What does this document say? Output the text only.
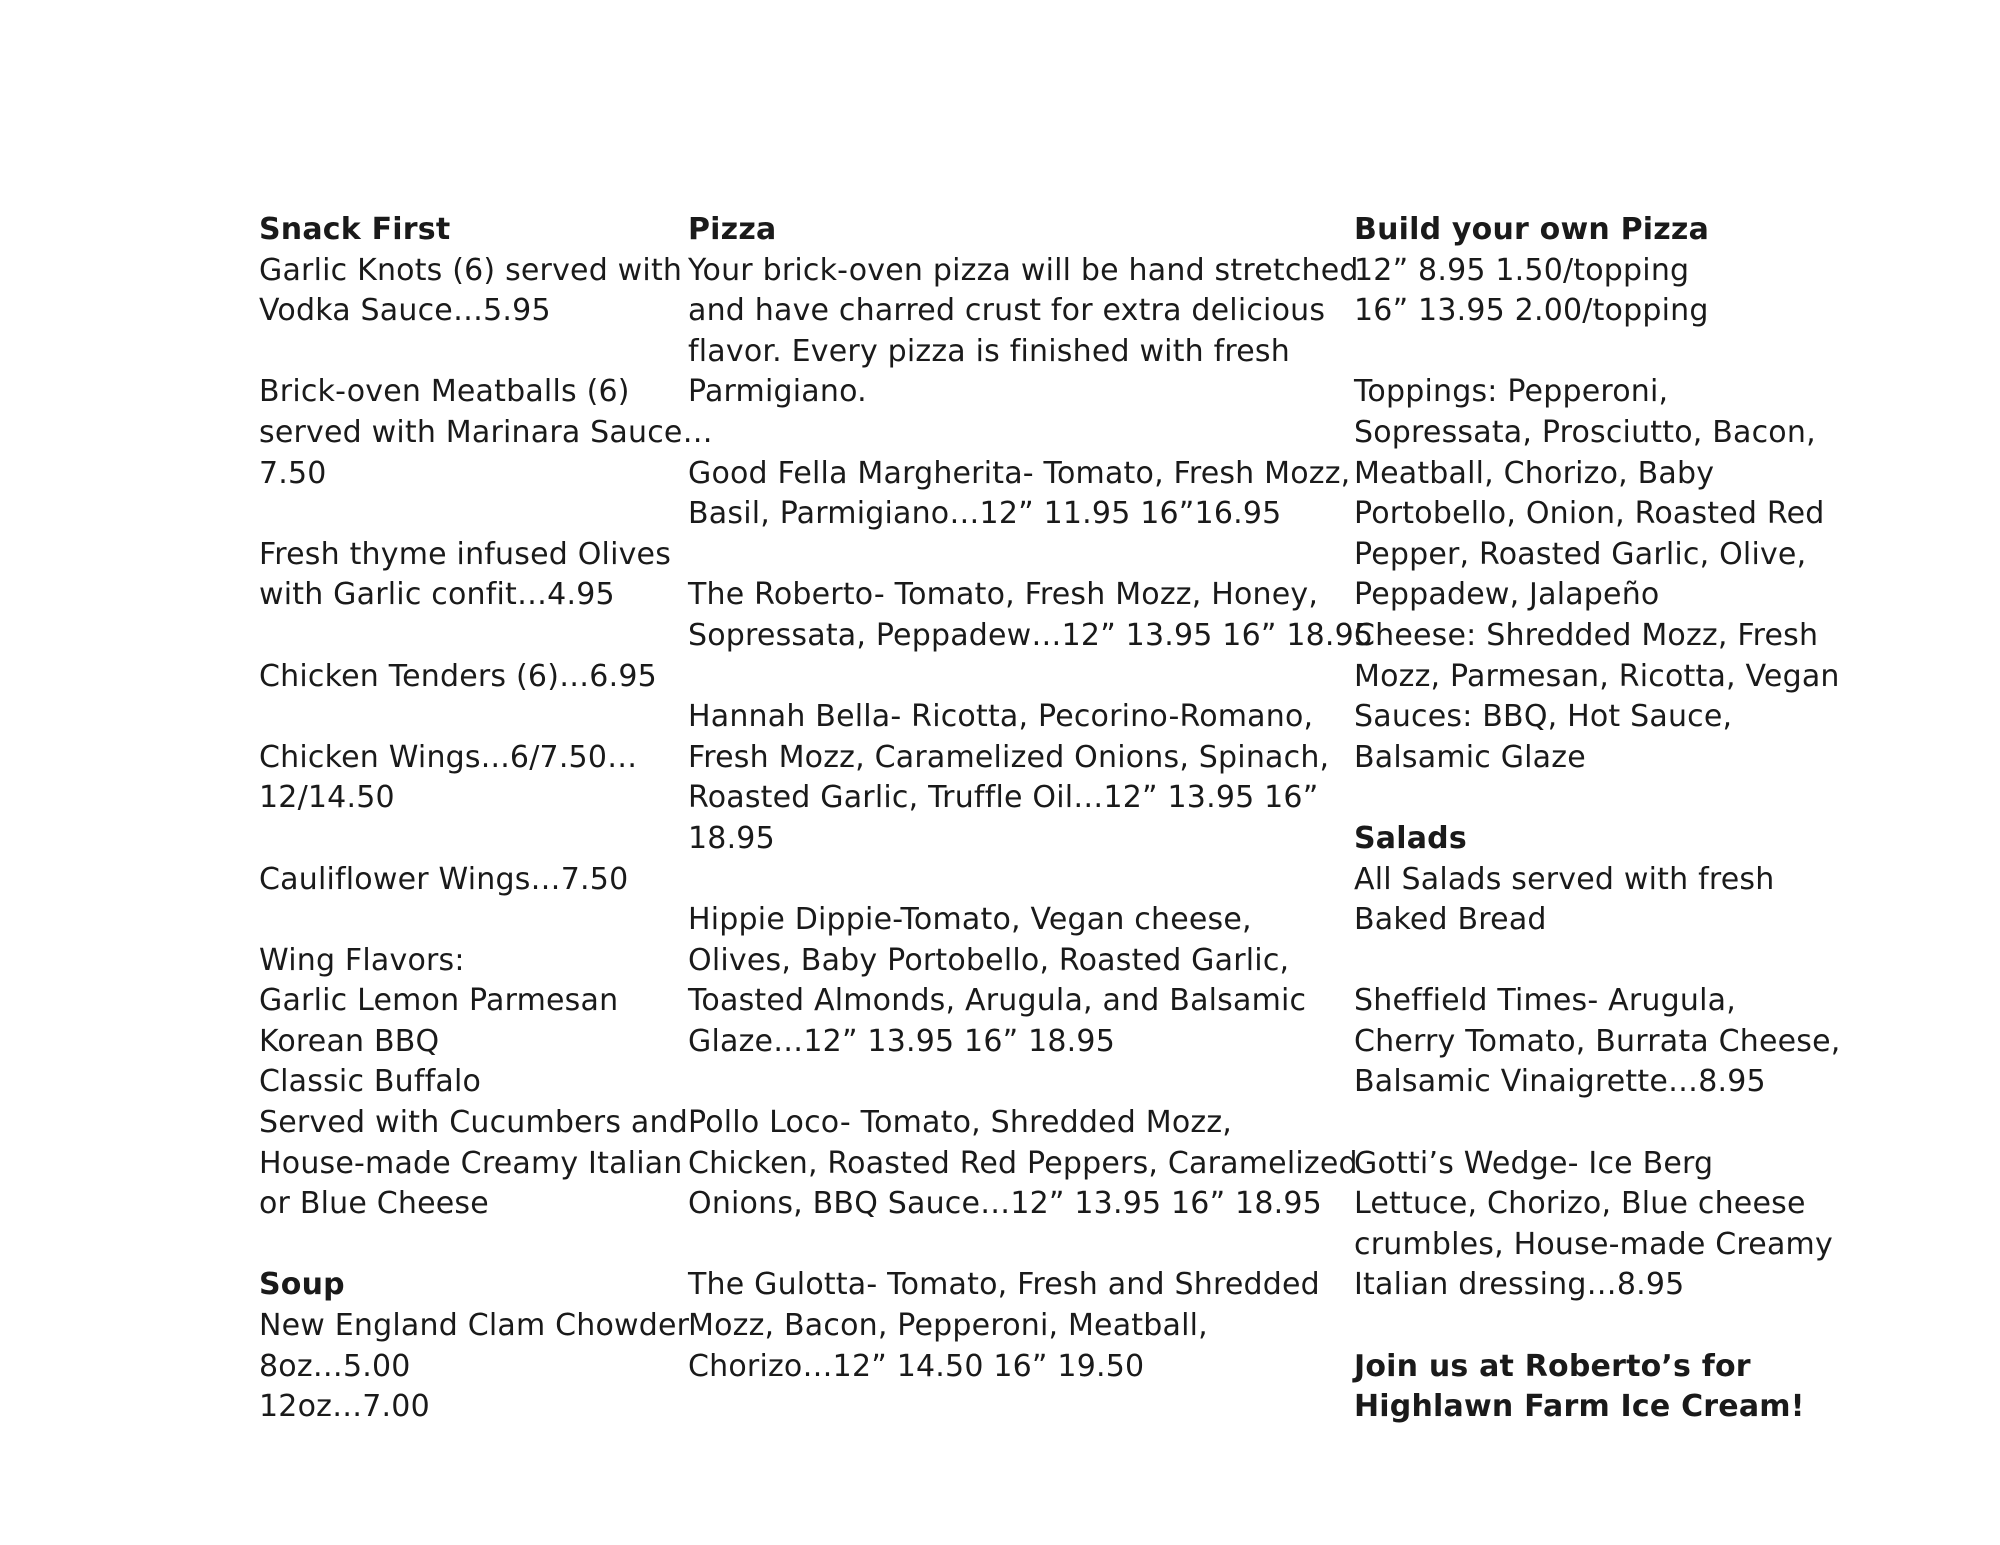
Snack First

Garlic Knots (6) served with

Vodka Sauce…5.95

Brick-oven Meatballs (6)

served with Marinara Sauce…

7.50

Fresh thyme infused Olives

with Garlic confit…4.95

Chicken Tenders (6)…6.95

Chicken Wings...6/7.50…

12/14.50

Cauliflower Wings…7.50

Wing Flavors:

Garlic Lemon Parmesan

Korean BBQ

Classic Buffalo

Served with Cucumbers and

House-made Creamy Italian

or Blue Cheese

Soup

New England Clam Chowder

8oz…5.00

12oz…7.00

Pizza

Your brick-oven pizza will be hand stretched

and have charred crust for extra delicious

flavor. Every pizza is finished with fresh

Parmigiano.

Good Fella Margherita- Tomato, Fresh Mozz,

Basil, Parmigiano…12” 11.95 16”16.95

The Roberto- Tomato, Fresh Mozz, Honey,

Sopressata, Peppadew…12” 13.95 16” 18.95

Hannah Bella- Ricotta, Pecorino-Romano,

Fresh Mozz, Caramelized Onions, Spinach,

Roasted Garlic, Truffle Oil…12” 13.95 16”

18.95

Hippie Dippie-Tomato, Vegan cheese,

Olives, Baby Portobello, Roasted Garlic,

Toasted Almonds, Arugula, and Balsamic

Glaze…12” 13.95 16” 18.95

Pollo Loco- Tomato, Shredded Mozz,

Chicken, Roasted Red Peppers, Caramelized

Onions, BBQ Sauce…12” 13.95 16” 18.95

The Gulotta- Tomato, Fresh and Shredded

Mozz, Bacon, Pepperoni, Meatball,

Chorizo…12” 14.50 16” 19.50

Build your own Pizza

12” 8.95 1.50/topping

16” 13.95 2.00/topping

Toppings: Pepperoni,

Sopressata, Prosciutto, Bacon,

Meatball, Chorizo, Baby

Portobello, Onion, Roasted Red

Pepper, Roasted Garlic, Olive,

Peppadew, Jalapeño

Cheese: Shredded Mozz, Fresh

Mozz, Parmesan, Ricotta, Vegan

Sauces: BBQ, Hot Sauce,

Balsamic Glaze

Salads

All Salads served with fresh

Baked Bread

Sheffield Times- Arugula,

Cherry Tomato, Burrata Cheese,

Balsamic Vinaigrette…8.95

Gotti’s Wedge- Ice Berg

Lettuce, Chorizo, Blue cheese

crumbles, House-made Creamy

Italian dressing…8.95

Join us at Roberto’s for

Highlawn Farm Ice Cream!
